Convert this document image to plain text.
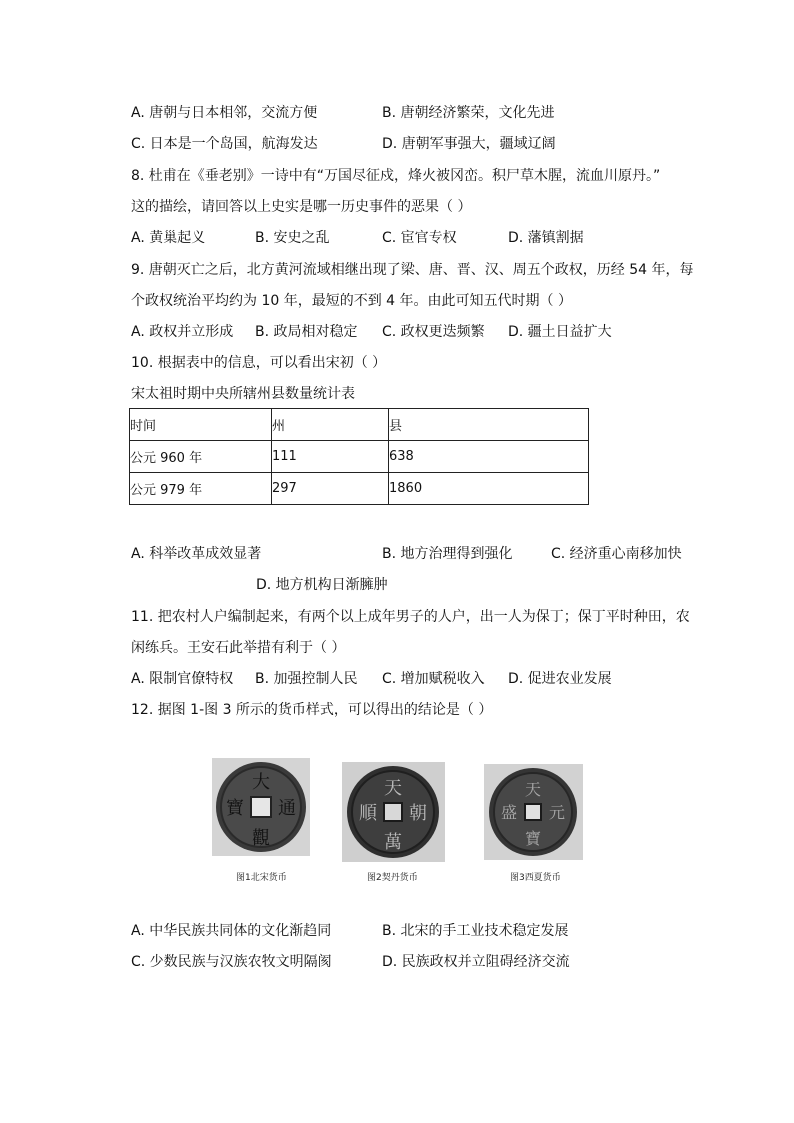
A. 唐朝与日本相邻，交流方便	B. 唐朝经济繁荣，文化先进
C. 日本是一个岛国，航海发达	D. 唐朝军事强大，疆域辽阔
8. 杜甫在《垂老别》一诗中有“万国尽征戍，烽火被冈峦。积尸草木腥，流血川原丹。”
这的描绘，请回答以上史实是哪一历史事件的恶果（ ）
A. 黄巢起义	B. 安史之乱	C. 宦官专权	D. 藩镇割据
9. 唐朝灭亡之后，北方黄河流域相继出现了梁、唐、晋、汉、周五个政权，历经 54 年，每
个政权统治平均约为 10 年，最短的不到 4 年。由此可知五代时期（ ）
A. 政权并立形成 B. 政局相对稳定 C. 政权更迭频繁 D. 疆土日益扩大
10. 根据表中的信息，可以看出宋初（ ）
宋太祖时期中央所辖州县数量统计表
时间	州	县
公元 960 年	111	638
公元 979 年	297	1860
A. 科举改革成效显著	B. 地方治理得到强化	C. 经济重心南移加快
D. 地方机构日渐臃肿
11. 把农村人户编制起来，有两个以上成年男子的人户，出一人为保丁；保丁平时种田，农
闲练兵。王安石此举措有利于（ ）
A. 限制官僚特权 B. 加强控制人民 C. 增加赋税收入 D. 促进农业发展
12. 据图 1-图 3 所示的货币样式，可以得出的结论是（ ）
大
通
觀
寶
图1北宋货币
天
朝
萬
順
图2契丹货币
天
元
寶
盛
图3西夏货币
A. 中华民族共同体的文化渐趋同	B. 北宋的手工业技术稳定发展
C. 少数民族与汉族农牧文明隔阂	D. 民族政权并立阻碍经济交流
